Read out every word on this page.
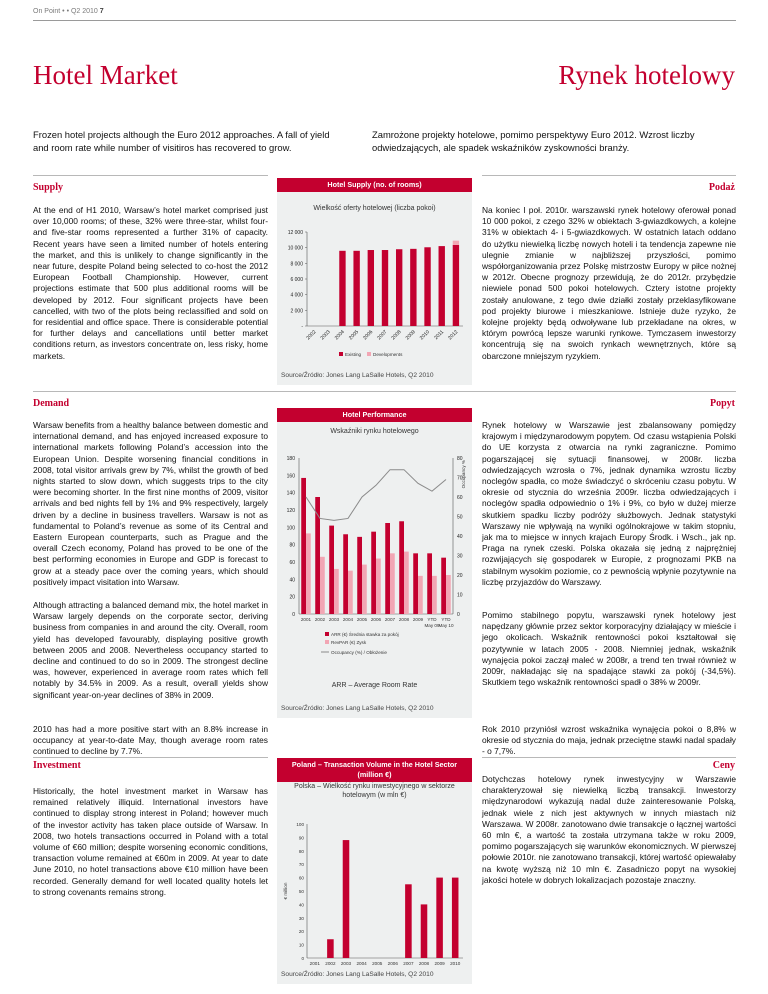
On Point • • Q2 2010 7
Hotel Market	Rynek hotelowy
Frozen hotel projects although the Euro 2012 approaches. A fall of yield and room rate while number of visitiros has recovered to grow.
Zamrożone projekty hotelowe, pomimo perspektywy Euro 2012. Wzrost liczby odwiedzających, ale spadek wskaźników zyskowności branży.
Supply	Podaż
At the end of H1 2010, Warsaw’s hotel market comprised just over 10,000 rooms; of these, 32% were three-star, whilst four- and five-star rooms represented a further 31% of capacity. Recent years have seen a limited number of hotels entering the market, and this is unlikely to change significantly in the near future, despite Poland being selected to co-host the 2012 European Football Championship. However, current projections estimate that 500 plus additional rooms will be developed by 2012. Four significant projects have been cancelled, with two of the plots being reclassified and sold on for residential and office space. There is considerable potential for further delays and cancellations until better market conditions return, as investors concentrate on, less risky, home markets.
Na koniec I poł. 2010r. warszawski rynek hotelowy oferował ponad 10 000 pokoi, z czego 32% w obiektach 3-gwiazdkowych, a kolejne 31% w obiektach 4- i 5-gwiazdkowych. W ostatnich latach oddano do użytku niewielką liczbę nowych hoteli i ta tendencja zapewne nie ulegnie zmianie w najbliższej przyszłości, pomimo współorganizowania przez Polskę mistrzostw Europy w piłce nożnej w 2012r. Obecne prognozy przewidują, że do 2012r. przybędzie niewiele ponad 500 pokoi hotelowych. Cztery istotne projekty zostały anulowane, z tego dwie działki zostały przeklasyfikowane pod projekty biurowe i mieszkaniowe. Istnieje duże ryzyko, że kolejne projekty będą odwoływane lub przekładane na okres, w którym powrócą lepsze warunki rynkowe. Tymczasem inwestorzy koncentrują się na swoich rynkach wewnętrznych, które są obarczone mniejszym ryzykiem.
Hotel Supply (no. of rooms)
Wielkość oferty hotelowej (liczba pokoi)
-
2 000
4 000
6 000
8 000
10 000
12 000
2002 2003 2004 2005 2006 2007 2008 2009 2010 2011 2012
Existing	Developments
Source/Źródło: Jones Lang LaSalle Hotels, Q2 2010
Demand	Popyt
Warsaw benefits from a healthy balance between domestic and international demand, and has enjoyed increased exposure to international markets following Poland’s accession into the European Union. Despite worsening financial conditions in 2008, total visitor arrivals grew by 7%, whilst the growth of bed nights started to slow down, which suggests trips to the city were becoming shorter. In the first nine months of 2009, visitor arrivals and bed nights fell by 1% and 9% respectively, largely driven by a decline in business travellers. Warsaw is not as fundamental to Poland’s revenue as some of its Central and Eastern European counterparts, such as Prague and the overall Czech economy, Poland has proved to be one of the best performing economies in Europe and GDP is forecast to grow at a steady pace over the coming years, which should positively impact visitation into Warsaw.
Although attracting a balanced demand mix, the hotel market in Warsaw largely depends on the corporate sector, deriving business from companies in and around the city. Overall, room yield has developed favourably, displaying positive growth between 2005 and 2008. Nevertheless occupancy started to decline and continued to do so in 2009. The strongest decline was, however, experienced in average room rates which fell notably by 34.5% in 2009. As a result, overall yields show significant year-on-year declines of 38% in 2009.
2010 has had a more positive start with an 8.8% increase in occupancy at year-to-date May, though average room rates continued to decline by 7.7%.
Rynek hotelowy w Warszawie jest zbalansowany pomiędzy krajowym i międzynarodowym popytem. Od czasu wstąpienia Polski do UE korzysta z otwarcia na rynki zagraniczne. Pomimo pogarszającej się sytuacji finansowej, w 2008r. liczba odwiedzających wzrosła o 7%, jednak dynamika wzrostu liczby noclegów spadła, co może świadczyć o skróceniu czasu pobytu. W okresie od stycznia do września 2009r. liczba odwiedzających i noclegów spadła odpowiednio o 1% i 9%, co było w dużej mierze skutkiem spadku liczby podróży służbowych. Jednak statystyki Warszawy nie wpływają na wyniki ogólnokrajowe w takim stopniu, jak ma to miejsce w innych krajach Europy Środk. i Wsch., jak np. Praga na rynek czeski. Polska okazała się jedną z najprężniej rozwijających się gospodarek w Europie, z prognozami PKB na stabilnym wysokim poziomie, co z pewnością wpłynie pozytywnie na liczbę przyjazdów do Warszawy.
Pomimo stabilnego popytu, warszawski rynek hotelowy jest napędzany głównie przez sektor korporacyjny działający w mieście i jego okolicach. Wskaźnik rentowności pokoi kształtował się pozytywnie w latach 2005 - 2008. Niemniej jednak, wskaźnik wynajęcia pokoi zaczął maleć w 2008r, a trend ten trwał również w 2009r, nakładając się na spadające stawki za pokój (-34,5%). Skutkiem tego wskaźnik rentowności spadł o 38% w 2009r.
Rok 2010 przyniósł wzrost wskaźnika wynajęcia pokoi o 8,8% w okresie od stycznia do maja, jednak przeciętne stawki nadal spadały - o 7,7%.
Hotel Performance
Wskaźniki rynku hotelowego
0
20
40
60
80
100
120
140
160
180
0
10
20
30
40
50
60
70
80
Occupancy %
2001 2002 2003 2004 2005 2006 2007 2008 2009 YTD
May 09
YTD
May 10
ARR (€) Średnia stawka za pokój
RevPAR (€) Zysk
Occupancy (%) / Obłożenie
ARR – Average Room Rate
Source/Źródło: Jones Lang LaSalle Hotels, Q2 2010
Investment	Ceny
Historically, the hotel investment market in Warsaw has remained relatively illiquid. International investors have continued to display strong interest in Poland; however much of the investor activity has taken place outside of Warsaw. In 2008, two hotels transactions occurred in Poland with a total volume of €60 million; despite worsening economic conditions, transaction volume remained at €60m in 2009. At year to date June 2010, no hotel transactions above €10 million have been recorded. Generally demand for well located quality hotels let to strong covenants remains strong.
Dotychczas hotelowy rynek inwestycyjny w Warszawie charakteryzował się niewielką liczbą transakcji. Inwestorzy międzynarodowi wykazują nadal duże zainteresowanie Polską, jednak wiele z nich jest aktywnych w innych miastach niż Warszawa. W 2008r. zanotowano dwie transakcje o łącznej wartości 60 mln €, a wartość ta została utrzymana także w roku 2009, pomimo pogarszających się warunków ekonomicznych. W pierwszej połowie 2010r. nie zanotowano transakcji, której wartość opiewałaby na kwotę wyższą niż 10 mln €. Zasadniczo popyt na wysokiej jakości hotele w dobrych lokalizacjach pozostaje znaczny.
Poland – Transaction Volume in the Hotel Sector (million €)
Polska – Wielkość rynku inwestycyjnego w sektorze hotelowym (w mln €)
0
10
20
30
40
50
60
70
80
90
100
€ million
2001 2002 2003 2004 2005 2006 2007 2008 2009 2010
Source/Źródło: Jones Lang LaSalle Hotels, Q2 2010
